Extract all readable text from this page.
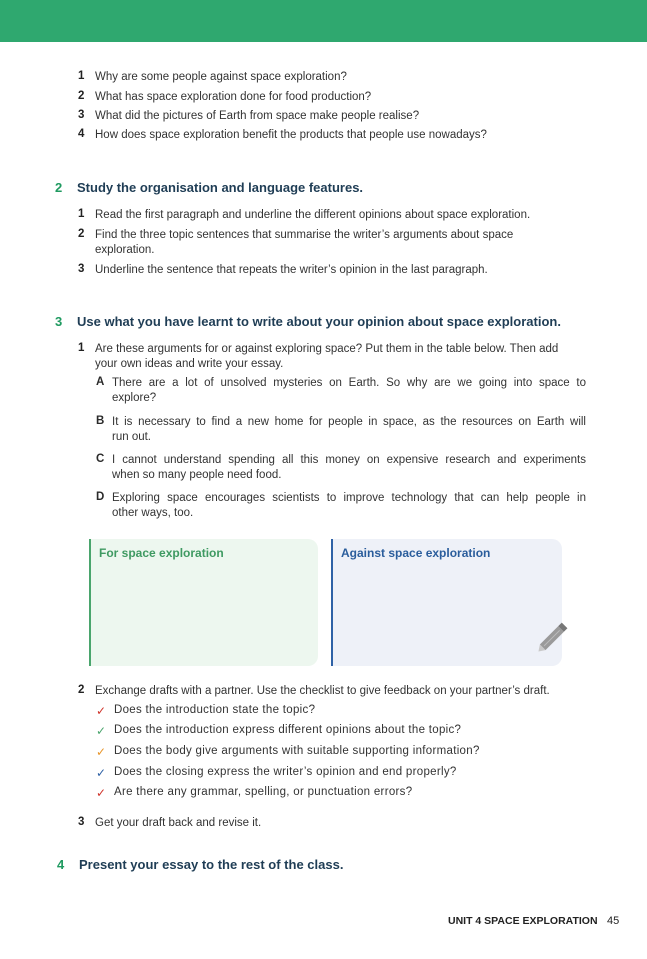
1 Why are some people against space exploration?
2 What has space exploration done for food production?
3 What did the pictures of Earth from space make people realise?
4 How does space exploration benefit the products that people use nowadays?
2	Study the organisation and language features.
1 Read the first paragraph and underline the different opinions about space exploration.
2 Find the three topic sentences that summarise the writer’s arguments about space
exploration.
3 Underline the sentence that repeats the writer’s opinion in the last paragraph.
3	Use what you have learnt to write about your opinion about space exploration.
1 Are these arguments for or against exploring space? Put them in the table below. Then add
your own ideas and write your essay.
A There are a lot of unsolved mysteries on Earth. So why are we going into space to
explore?
B It is necessary to find a new home for people in space, as the resources on Earth will
run out.
C I cannot understand spending all this money on expensive research and experiments
when so many people need food.
D Exploring space encourages scientists to improve technology that can help people in
other ways, too.
For space exploration	Against space exploration
2 Exchange drafts with a partner. Use the checklist to give feedback on your partner’s draft.
✓ Does the introduction state the topic?
✓ Does the introduction express different opinions about the topic?
✓ Does the body give arguments with suitable supporting information?
✓ Does the closing express the writer’s opinion and end properly?
✓ Are there any grammar, spelling, or punctuation errors?
3 Get your draft back and revise it.
4	Present your essay to the rest of the class.
UNIT 4 SPACE EXPLORATION 45
